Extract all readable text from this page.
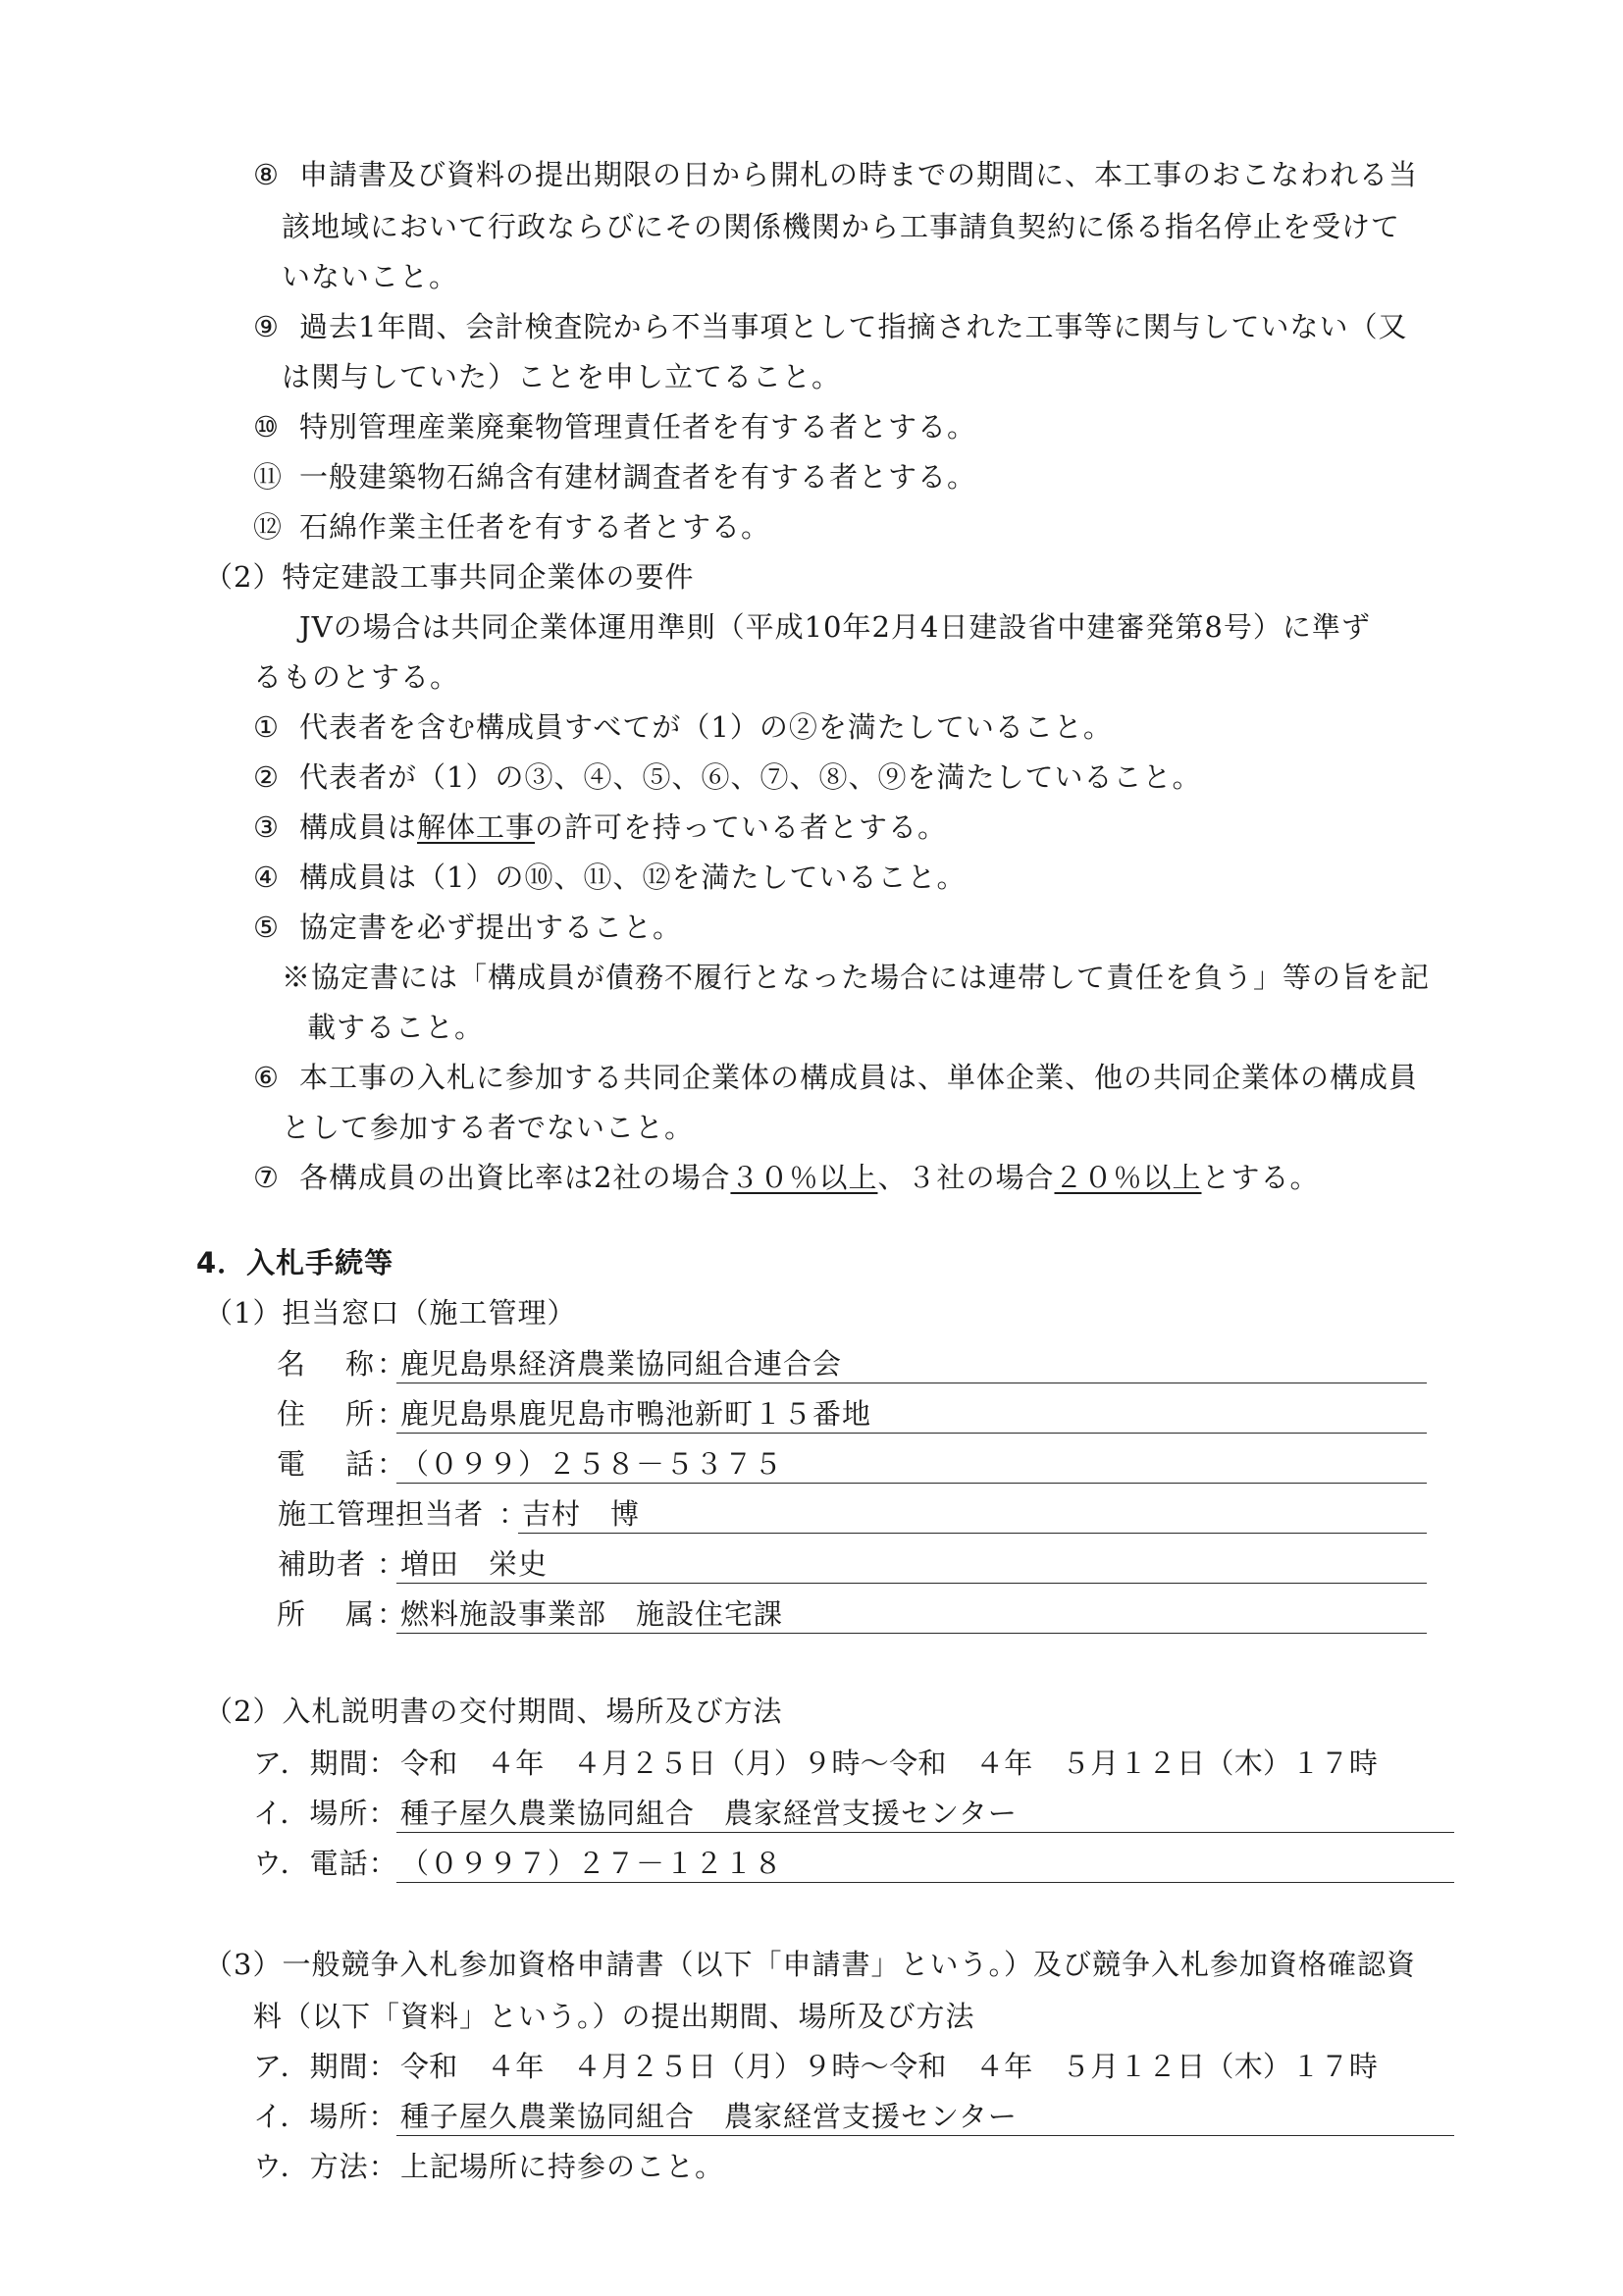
⑧ 申請書及び資料の提出期限の日から開札の時までの期間に、本工事のおこなわれる当
該地域において行政ならびにその関係機関から工事請負契約に係る指名停止を受けて
いないこと。
⑨ 過去1年間、会計検査院から不当事項として指摘された工事等に関与していない（又
は関与していた）ことを申し立てること。
⑩ 特別管理産業廃棄物管理責任者を有する者とする。
⑪ 一般建築物石綿含有建材調査者を有する者とする。
⑫ 石綿作業主任者を有する者とする。
（2）特定建設工事共同企業体の要件
JVの場合は共同企業体運用準則（平成10年2月4日建設省中建審発第8号）に準ず
るものとする。
① 代表者を含む構成員すべてが（1）の②を満たしていること。
② 代表者が（1）の③、④、⑤、⑥、⑦、⑧、⑨を満たしていること。
③ 構成員は解体工事の許可を持っている者とする。
④ 構成員は（1）の⑩、⑪、⑫を満たしていること。
⑤ 協定書を必ず提出すること。
※協定書には「構成員が債務不履行となった場合には連帯して責任を負う」等の旨を記
載すること。
⑥ 本工事の入札に参加する共同企業体の構成員は、単体企業、他の共同企業体の構成員
として参加する者でないこと。
⑦ 各構成員の出資比率は2社の場合３０％以上、３社の場合２０％以上とする。
4．入札手続等
（1）担当窓口（施工管理）
名称 ：
鹿児島県経済農業協同組合連合会
住所 ：
鹿児島県鹿児島市鴨池新町１５番地
電話 ：
（０９９）２５８－５３７５
施工管理担当者 ：
吉村　博
補助者 ：
増田　栄史
所属 ：
燃料施設事業部　施設住宅課
（2）入札説明書の交付期間、場所及び方法
ア．期間： 令和　４年　４月２５日（月）９時～令和　４年　５月１２日（木）１７時
イ．場所： 種子屋久農業協同組合　農家経営支援センター
ウ．電話： （０９９７）２７－１２１８
（3）一般競争入札参加資格申請書（以下「申請書」という。）及び競争入札参加資格確認資
料（以下「資料」という。）の提出期間、場所及び方法
ア．期間： 令和　４年　４月２５日（月）９時～令和　４年　５月１２日（木）１７時
イ．場所： 種子屋久農業協同組合　農家経営支援センター
ウ．方法： 上記場所に持参のこと。
